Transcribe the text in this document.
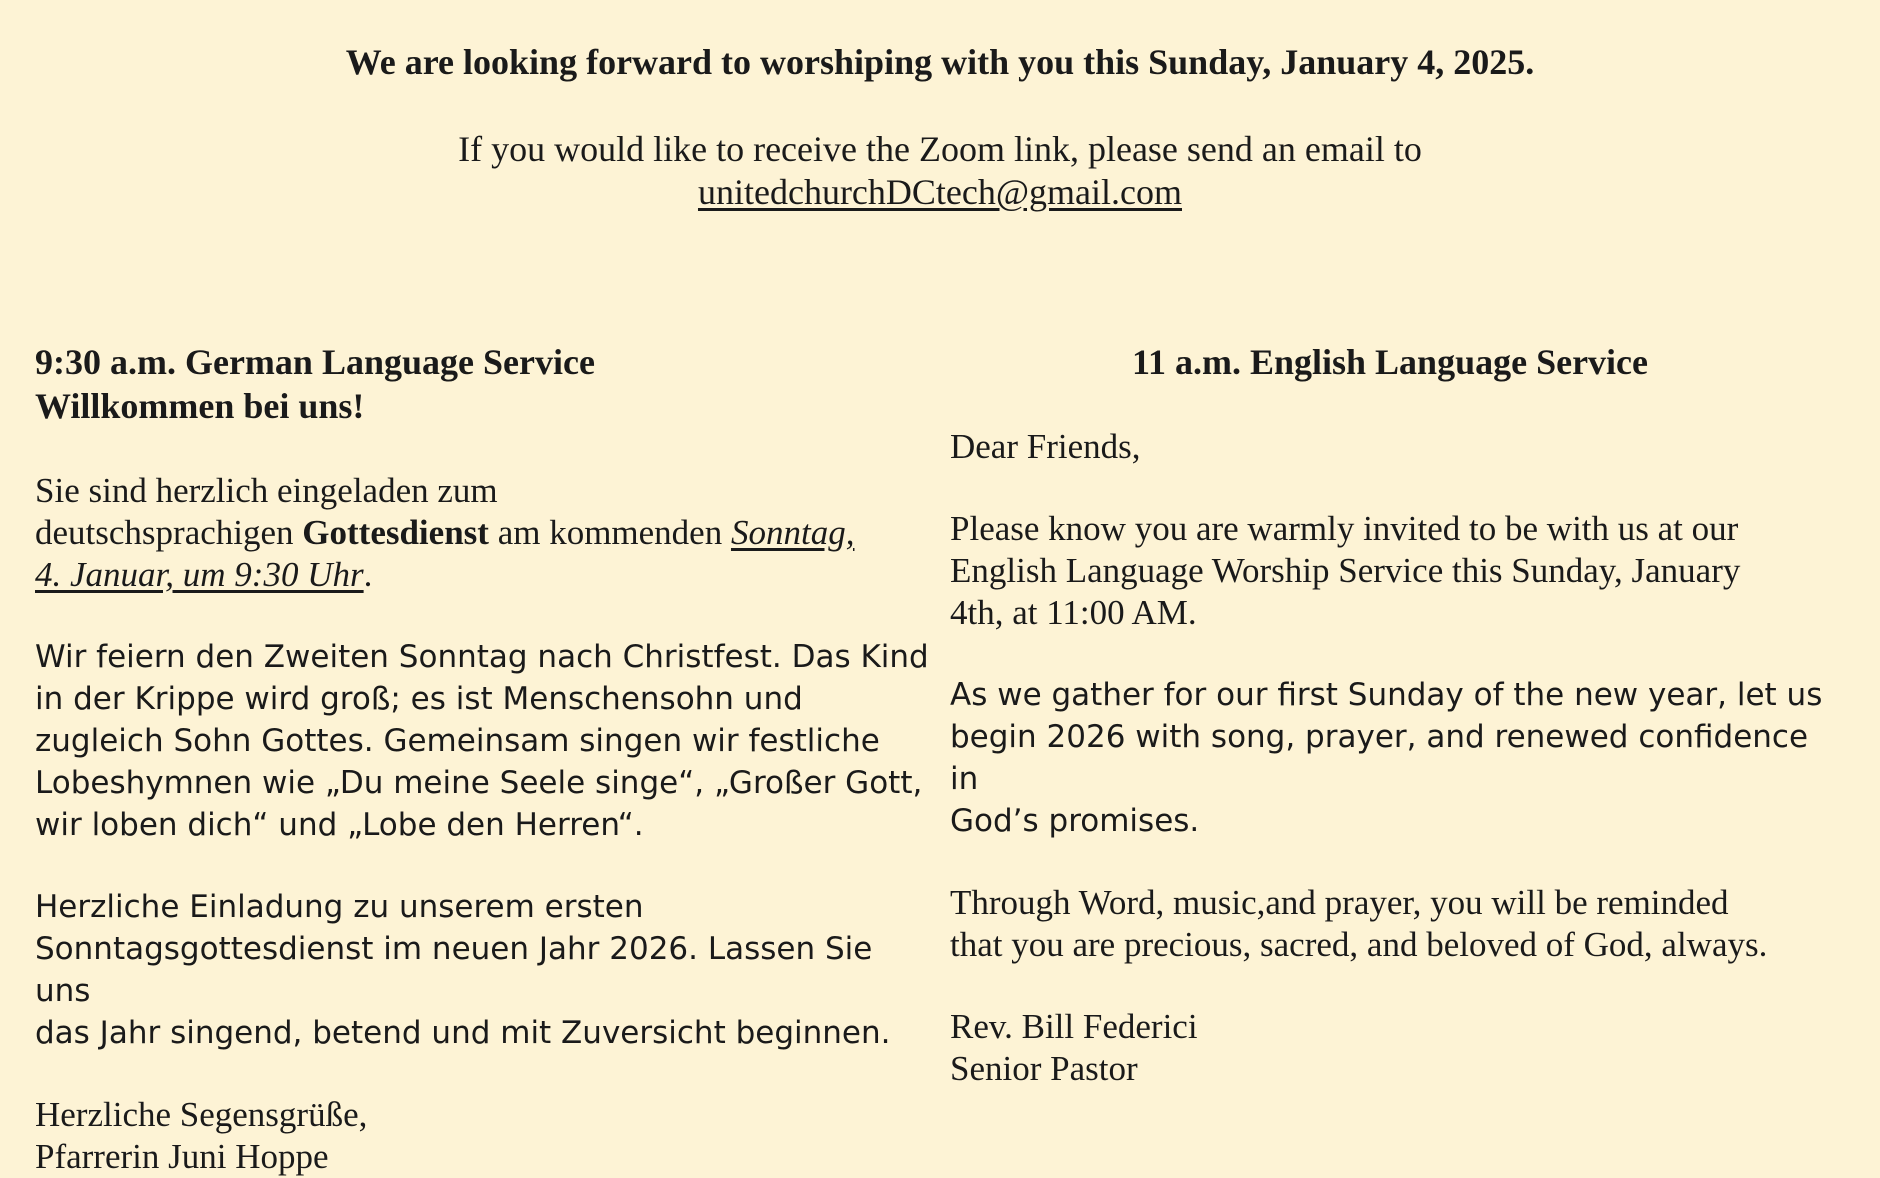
We are looking forward to worshiping with you this Sunday, January 4, 2025.
If you would like to receive the Zoom link, please send an email to
unitedchurchDCtech@gmail.com

9:30 a.m. German Language Service

Willkommen bei uns!

Sie sind herzlich eingeladen zum
deutschsprachigen Gottesdienst am kommenden Sonntag,
4. Januar, um 9:30 Uhr.

Wir feiern den Zweiten Sonntag nach Christfest. Das Kind
in der Krippe wird groß; es ist Menschensohn und
zugleich Sohn Gottes. Gemeinsam singen wir festliche
Lobeshymnen wie „Du meine Seele singe“, „Großer Gott,
wir loben dich“ und „Lobe den Herren“.

Herzliche Einladung zu unserem ersten
Sonntagsgottesdienst im neuen Jahr 2026. Lassen Sie uns
das Jahr singend, betend und mit Zuversicht beginnen.

Herzliche Segensgrüße,
Pfarrerin Juni Hoppe

11 a.m. English Language Service

Dear Friends,

Please know you are warmly invited to be with us at our
English Language Worship Service this Sunday, January
4th, at 11:00 AM.

As we gather for our first Sunday of the new year, let us
begin 2026 with song, prayer, and renewed confidence in
God’s promises.

Through Word, music,and prayer, you will be reminded
that you are precious, sacred, and beloved of God, always.

Rev. Bill Federici
Senior Pastor
